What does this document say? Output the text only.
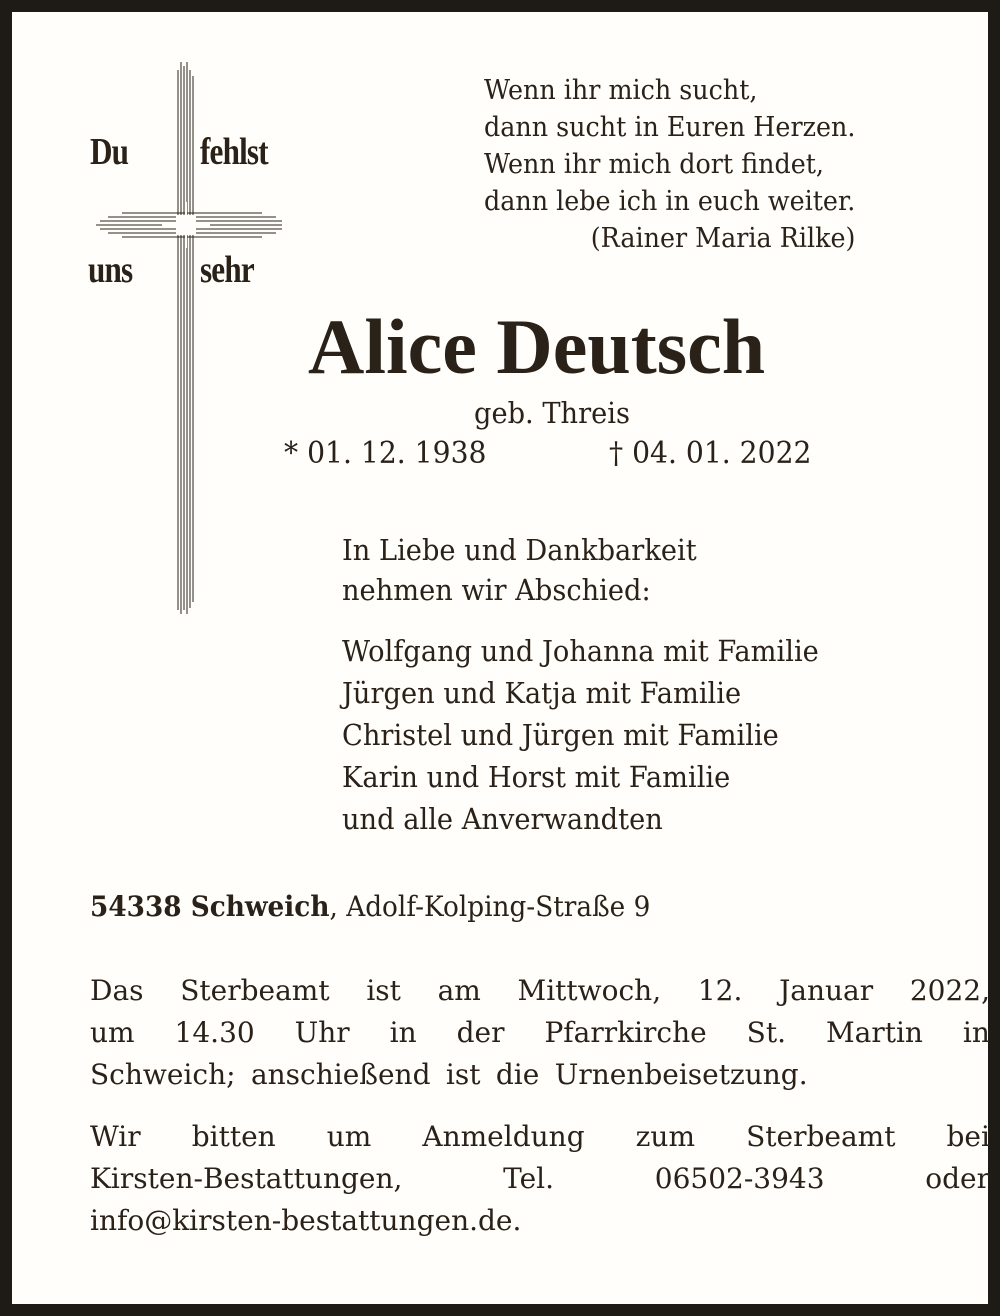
Du fehlst
uns sehr
Wenn ihr mich sucht,
dann sucht in Euren Herzen.
Wenn ihr mich dort findet,
dann lebe ich in euch weiter.
(Rainer Maria Rilke)
Alice Deutsch
geb. Threis
* 01. 12. 1938	† 04. 01. 2022
In Liebe und Dankbarkeit
nehmen wir Abschied:
Wolfgang und Johanna mit Familie
Jürgen und Katja mit Familie
Christel und Jürgen mit Familie
Karin und Horst mit Familie
und alle Anverwandten
54338 Schweich, Adolf-Kolping-Straße 9
Das Sterbeamt ist am Mittwoch, 12. Januar 2022,
um 14.30 Uhr in der Pfarrkirche St. Martin in
Schweich; anschießend ist die Urnenbeisetzung.
Wir bitten um Anmeldung zum Sterbeamt bei
Kirsten-Bestattungen,	Tel.	06502-3943	oder
info@kirsten-bestattungen.de.
